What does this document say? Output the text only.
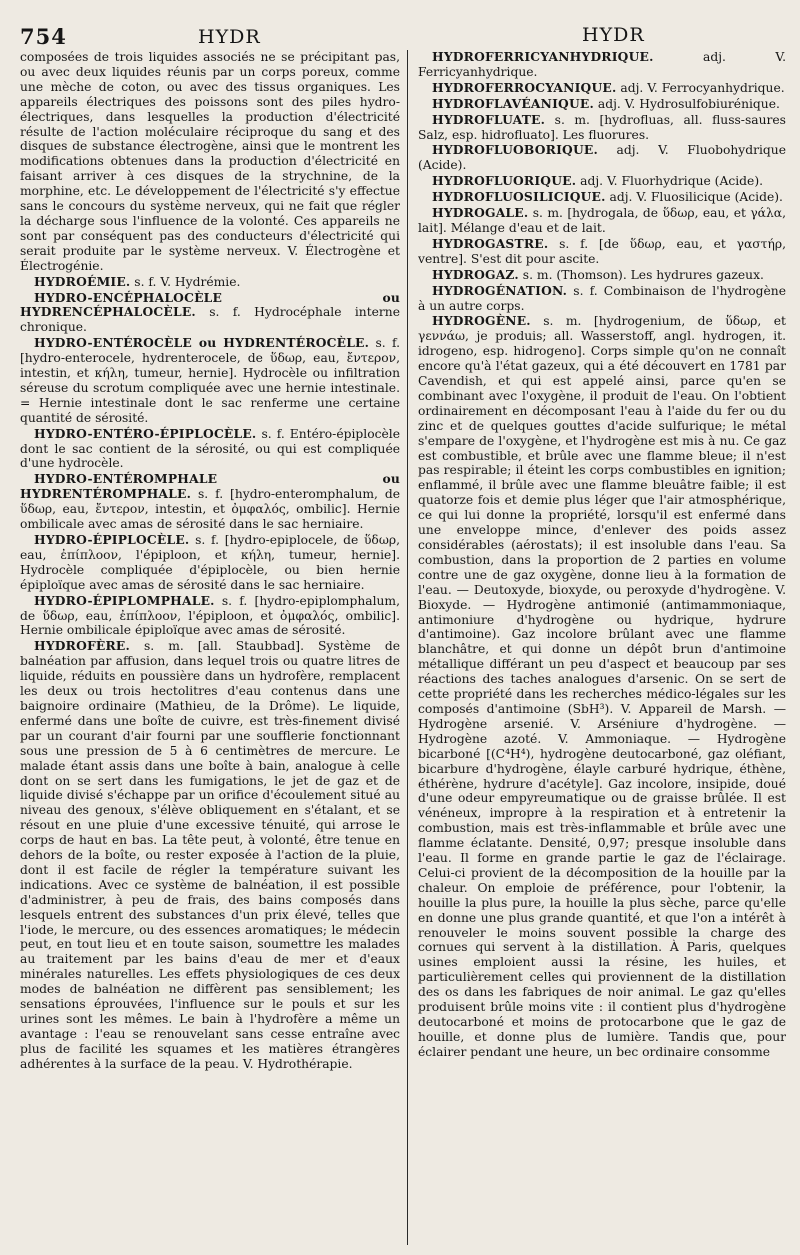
754	HYDR	HYDR

composées de trois liquides associés ne se précipitant pas, ou avec deux liquides réunis par un corps poreux, comme une mèche de coton, ou avec des tissus organiques. Les appareils électriques des poissons sont des piles hydro-électriques, dans lesquelles la production d'électricité résulte de l'action moléculaire réciproque du sang et des disques de substance électrogène, ainsi que le montrent les modifications obtenues dans la production d'électricité en faisant arriver à ces disques de la strychnine, de la morphine, etc. Le développement de l'électricité s'y effectue sans le concours du système nerveux, qui ne fait que régler la décharge sous l'influence de la volonté. Ces appareils ne sont par conséquent pas des conducteurs d'électricité qui serait produite par le système nerveux. V. Électrogène et Électrogénie.

HYDROÉMIE. s. f. V. Hydrémie.

HYDRO-ENCÉPHALOCÈLE ou HYDRENCÉPHALOCÈLE. s. f. Hydrocéphale interne chronique.

HYDRO-ENTÉROCÈLE ou HYDRENTÉROCÈLE. s. f. [hydro-enterocele, hydrenterocele, de ὕδωρ, eau, ἔντερον, intestin, et κήλη, tumeur, hernie]. Hydrocèle ou infiltration séreuse du scrotum compliquée avec une hernie intestinale. = Hernie intestinale dont le sac renferme une certaine quantité de sérosité.

HYDRO-ENTÉRO-ÉPIPLOCÈLE. s. f. Entéro-épiplocèle dont le sac contient de la sérosité, ou qui est compliquée d'une hydrocèle.

HYDRO-ENTÉROMPHALE ou HYDRENTÉROMPHALE. s. f. [hydro-enteromphalum, de ὕδωρ, eau, ἔντερον, intestin, et ὀμφαλός, ombilic]. Hernie ombilicale avec amas de sérosité dans le sac herniaire.

HYDRO-ÉPIPLOCÈLE. s. f. [hydro-epiplocele, de ὕδωρ, eau, ἐπίπλοον, l'épiploon, et κήλη, tumeur, hernie]. Hydrocèle compliquée d'épiplocèle, ou bien hernie épiploïque avec amas de sérosité dans le sac herniaire.

HYDRO-ÉPIPLOMPHALE. s. f. [hydro-epiplomphalum, de ὕδωρ, eau, ἐπίπλοον, l'épiploon, et ὀμφαλός, ombilic]. Hernie ombilicale épiploïque avec amas de sérosité.

HYDROFÈRE. s. m. [all. Staubbad]. Système de balnéation par affusion, dans lequel trois ou quatre litres de liquide, réduits en poussière dans un hydrofère, remplacent les deux ou trois hectolitres d'eau contenus dans une baignoire ordinaire (Mathieu, de la Drôme). Le liquide, enfermé dans une boîte de cuivre, est très-finement divisé par un courant d'air fourni par une soufflerie fonctionnant sous une pression de 5 à 6 centimètres de mercure. Le malade étant assis dans une boîte à bain, analogue à celle dont on se sert dans les fumigations, le jet de gaz et de liquide divisé s'échappe par un orifice d'écoulement situé au niveau des genoux, s'élève obliquement en s'étalant, et se résout en une pluie d'une excessive ténuité, qui arrose le corps de haut en bas. La tête peut, à volonté, être tenue en dehors de la boîte, ou rester exposée à l'action de la pluie, dont il est facile de régler la température suivant les indications. Avec ce système de balnéation, il est possible d'administrer, à peu de frais, des bains composés dans lesquels entrent des substances d'un prix élevé, telles que l'iode, le mercure, ou des essences aromatiques; le médecin peut, en tout lieu et en toute saison, soumettre les malades au traitement par les bains d'eau de mer et d'eaux minérales naturelles. Les effets physiologiques de ces deux modes de balnéation ne diffèrent pas sensiblement; les sensations éprouvées, l'influence sur le pouls et sur les urines sont les mêmes. Le bain à l'hydrofère a même un avantage : l'eau se renouvelant sans cesse entraîne avec plus de facilité les squames et les matières étrangères adhérentes à la surface de la peau. V. Hydrothérapie.

HYDROFERRICYANHYDRIQUE. adj. V. Ferricyanhydrique.

HYDROFERROCYANIQUE. adj. V. Ferrocyanhydrique.

HYDROFLAVÉANIQUE. adj. V. Hydrosulfobiurénique.

HYDROFLUATE. s. m. [hydrofluas, all. fluss-saures Salz, esp. hidrofluato]. Les fluorures.

HYDROFLUOBORIQUE. adj. V. Fluobohydrique (Acide).

HYDROFLUORIQUE. adj. V. Fluorhydrique (Acide).

HYDROFLUOSILICIQUE. adj. V. Fluosilicique (Acide).

HYDROGALE. s. m. [hydrogala, de ὕδωρ, eau, et γάλα, lait]. Mélange d'eau et de lait.

HYDROGASTRE. s. f. [de ὕδωρ, eau, et γαστήρ, ventre]. S'est dit pour ascite.

HYDROGAZ. s. m. (Thomson). Les hydrures gazeux.

HYDROGÉNATION. s. f. Combinaison de l'hydrogène à un autre corps.

HYDROGÈNE. s. m. [hydrogenium, de ὕδωρ, et γεννάω, je produis; all. Wasserstoff, angl. hydrogen, it. idrogeno, esp. hidrogeno]. Corps simple qu'on ne connaît encore qu'à l'état gazeux, qui a été découvert en 1781 par Cavendish, et qui est appelé ainsi, parce qu'en se combinant avec l'oxygène, il produit de l'eau. On l'obtient ordinairement en décomposant l'eau à l'aide du fer ou du zinc et de quelques gouttes d'acide sulfurique; le métal s'empare de l'oxygène, et l'hydrogène est mis à nu. Ce gaz est combustible, et brûle avec une flamme bleue; il n'est pas respirable; il éteint les corps combustibles en ignition; enflammé, il brûle avec une flamme bleuâtre faible; il est quatorze fois et demie plus léger que l'air atmosphérique, ce qui lui donne la propriété, lorsqu'il est enfermé dans une enveloppe mince, d'enlever des poids assez considérables (aérostats); il est insoluble dans l'eau. Sa combustion, dans la proportion de 2 parties en volume contre une de gaz oxygène, donne lieu à la formation de l'eau. — Deutoxyde, bioxyde, ou peroxyde d'hydrogène. V. Bioxyde. — Hydrogène antimonié (antimammoniaque, antimoniure d'hydrogène ou hydrique, hydrure d'antimoine). Gaz incolore brûlant avec une flamme blanchâtre, et qui donne un dépôt brun d'antimoine métallique différant un peu d'aspect et beaucoup par ses réactions des taches analogues d'arsenic. On se sert de cette propriété dans les recherches médico-légales sur les composés d'antimoine (SbH³). V. Appareil de Marsh. — Hydrogène arsenié. V. Arséniure d'hydrogène. — Hydrogène azoté. V. Ammoniaque. — Hydrogène bicarboné [(C⁴H⁴), hydrogène deutocarboné, gaz oléfiant, bicarbure d'hydrogène, élayle carburé hydrique, éthène, éthérène, hydrure d'acétyle]. Gaz incolore, insipide, doué d'une odeur empyreumatique ou de graisse brûlée. Il est vénéneux, impropre à la respiration et à entretenir la combustion, mais est très-inflammable et brûle avec une flamme éclatante. Densité, 0,97; presque insoluble dans l'eau. Il forme en grande partie le gaz de l'éclairage. Celui-ci provient de la décomposition de la houille par la chaleur. On emploie de préférence, pour l'obtenir, la houille la plus pure, la houille la plus sèche, parce qu'elle en donne une plus grande quantité, et que l'on a intérêt à renouveler le moins souvent possible la charge des cornues qui servent à la distillation. À Paris, quelques usines emploient aussi la résine, les huiles, et particulièrement celles qui proviennent de la distillation des os dans les fabriques de noir animal. Le gaz qu'elles produisent brûle moins vite : il contient plus d'hydrogène deutocarboné et moins de protocarbone que le gaz de houille, et donne plus de lumière. Tandis que, pour éclairer pendant une heure, un bec ordinaire consomme
